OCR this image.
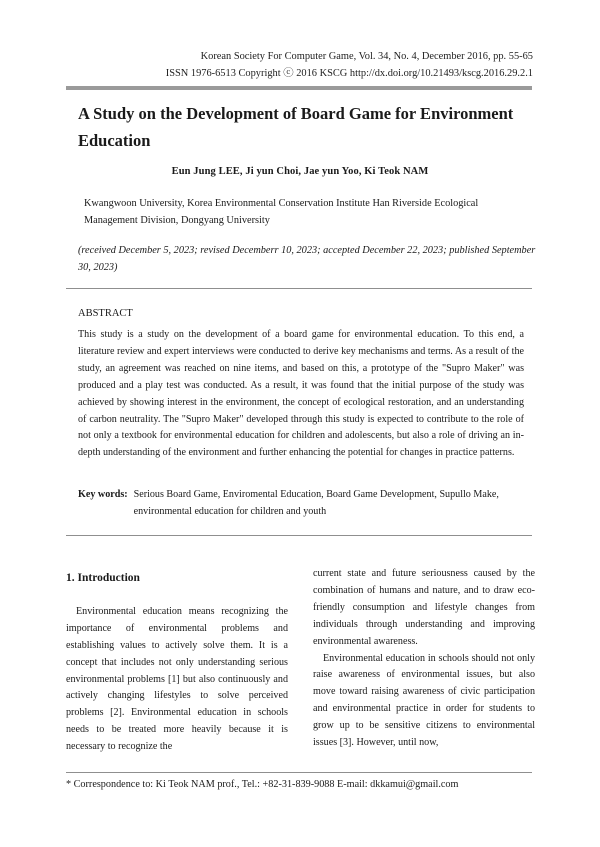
Korean Society For Computer Game, Vol. 34, No. 4, December 2016, pp. 55-65
ISSN 1976-6513 Copyright ⓒ 2016 KSCG http://dx.doi.org/10.21493/kscg.2016.29.2.1
A Study on the Development of Board Game for Environment Education
Eun Jung LEE, Ji yun Choi, Jae yun Yoo, Ki Teok NAM
Kwangwoon University, Korea Environmental Conservation Institute Han Riverside Ecological Management Division, Dongyang University
(received December 5, 2023; revised Decemberr 10, 2023; accepted December 22, 2023; published September 30, 2023)
ABSTRACT

This study is a study on the development of a board game for environmental education. To this end, a literature review and expert interviews were conducted to derive key mechanisms and terms. As a result of the study, an agreement was reached on nine items, and based on this, a prototype of the "Supro Maker" was produced and a play test was conducted. As a result, it was found that the initial purpose of the study was achieved by showing interest in the environment, the concept of ecological restoration, and an understanding of carbon neutrality. The "Supro Maker" developed through this study is expected to contribute to the role of not only a textbook for environmental education for children and adolescents, but also a role of driving an in-depth understanding of the environment and further enhancing the potential for changes in practice patterns.

Key words: Serious Board Game, Enviromental Education, Board Game Development, Supullo Make, environmental education for children and youth
1. Introduction

Environmental education means recognizing the importance of environmental problems and establishing values to actively solve them. It is a concept that includes not only understanding serious environmental problems [1] but also continuously and actively changing lifestyles to solve perceived problems [2]. Environmental education in schools needs to be treated more heavily because it is necessary to recognize the

current state and future seriousness caused by the combination of humans and nature, and to draw eco-friendly consumption and lifestyle changes from individuals through understanding and improving environmental awareness.

Environmental education in schools should not only raise awareness of environmental issues, but also move toward raising awareness of civic participation and environmental practice in order for students to grow up to be sensitive citizens to environmental issues [3]. However, until now,

* Correspondence to: Ki Teok NAM prof., Tel.: +82-31-839-9088 E-mail: dkkamui@gmail.com
